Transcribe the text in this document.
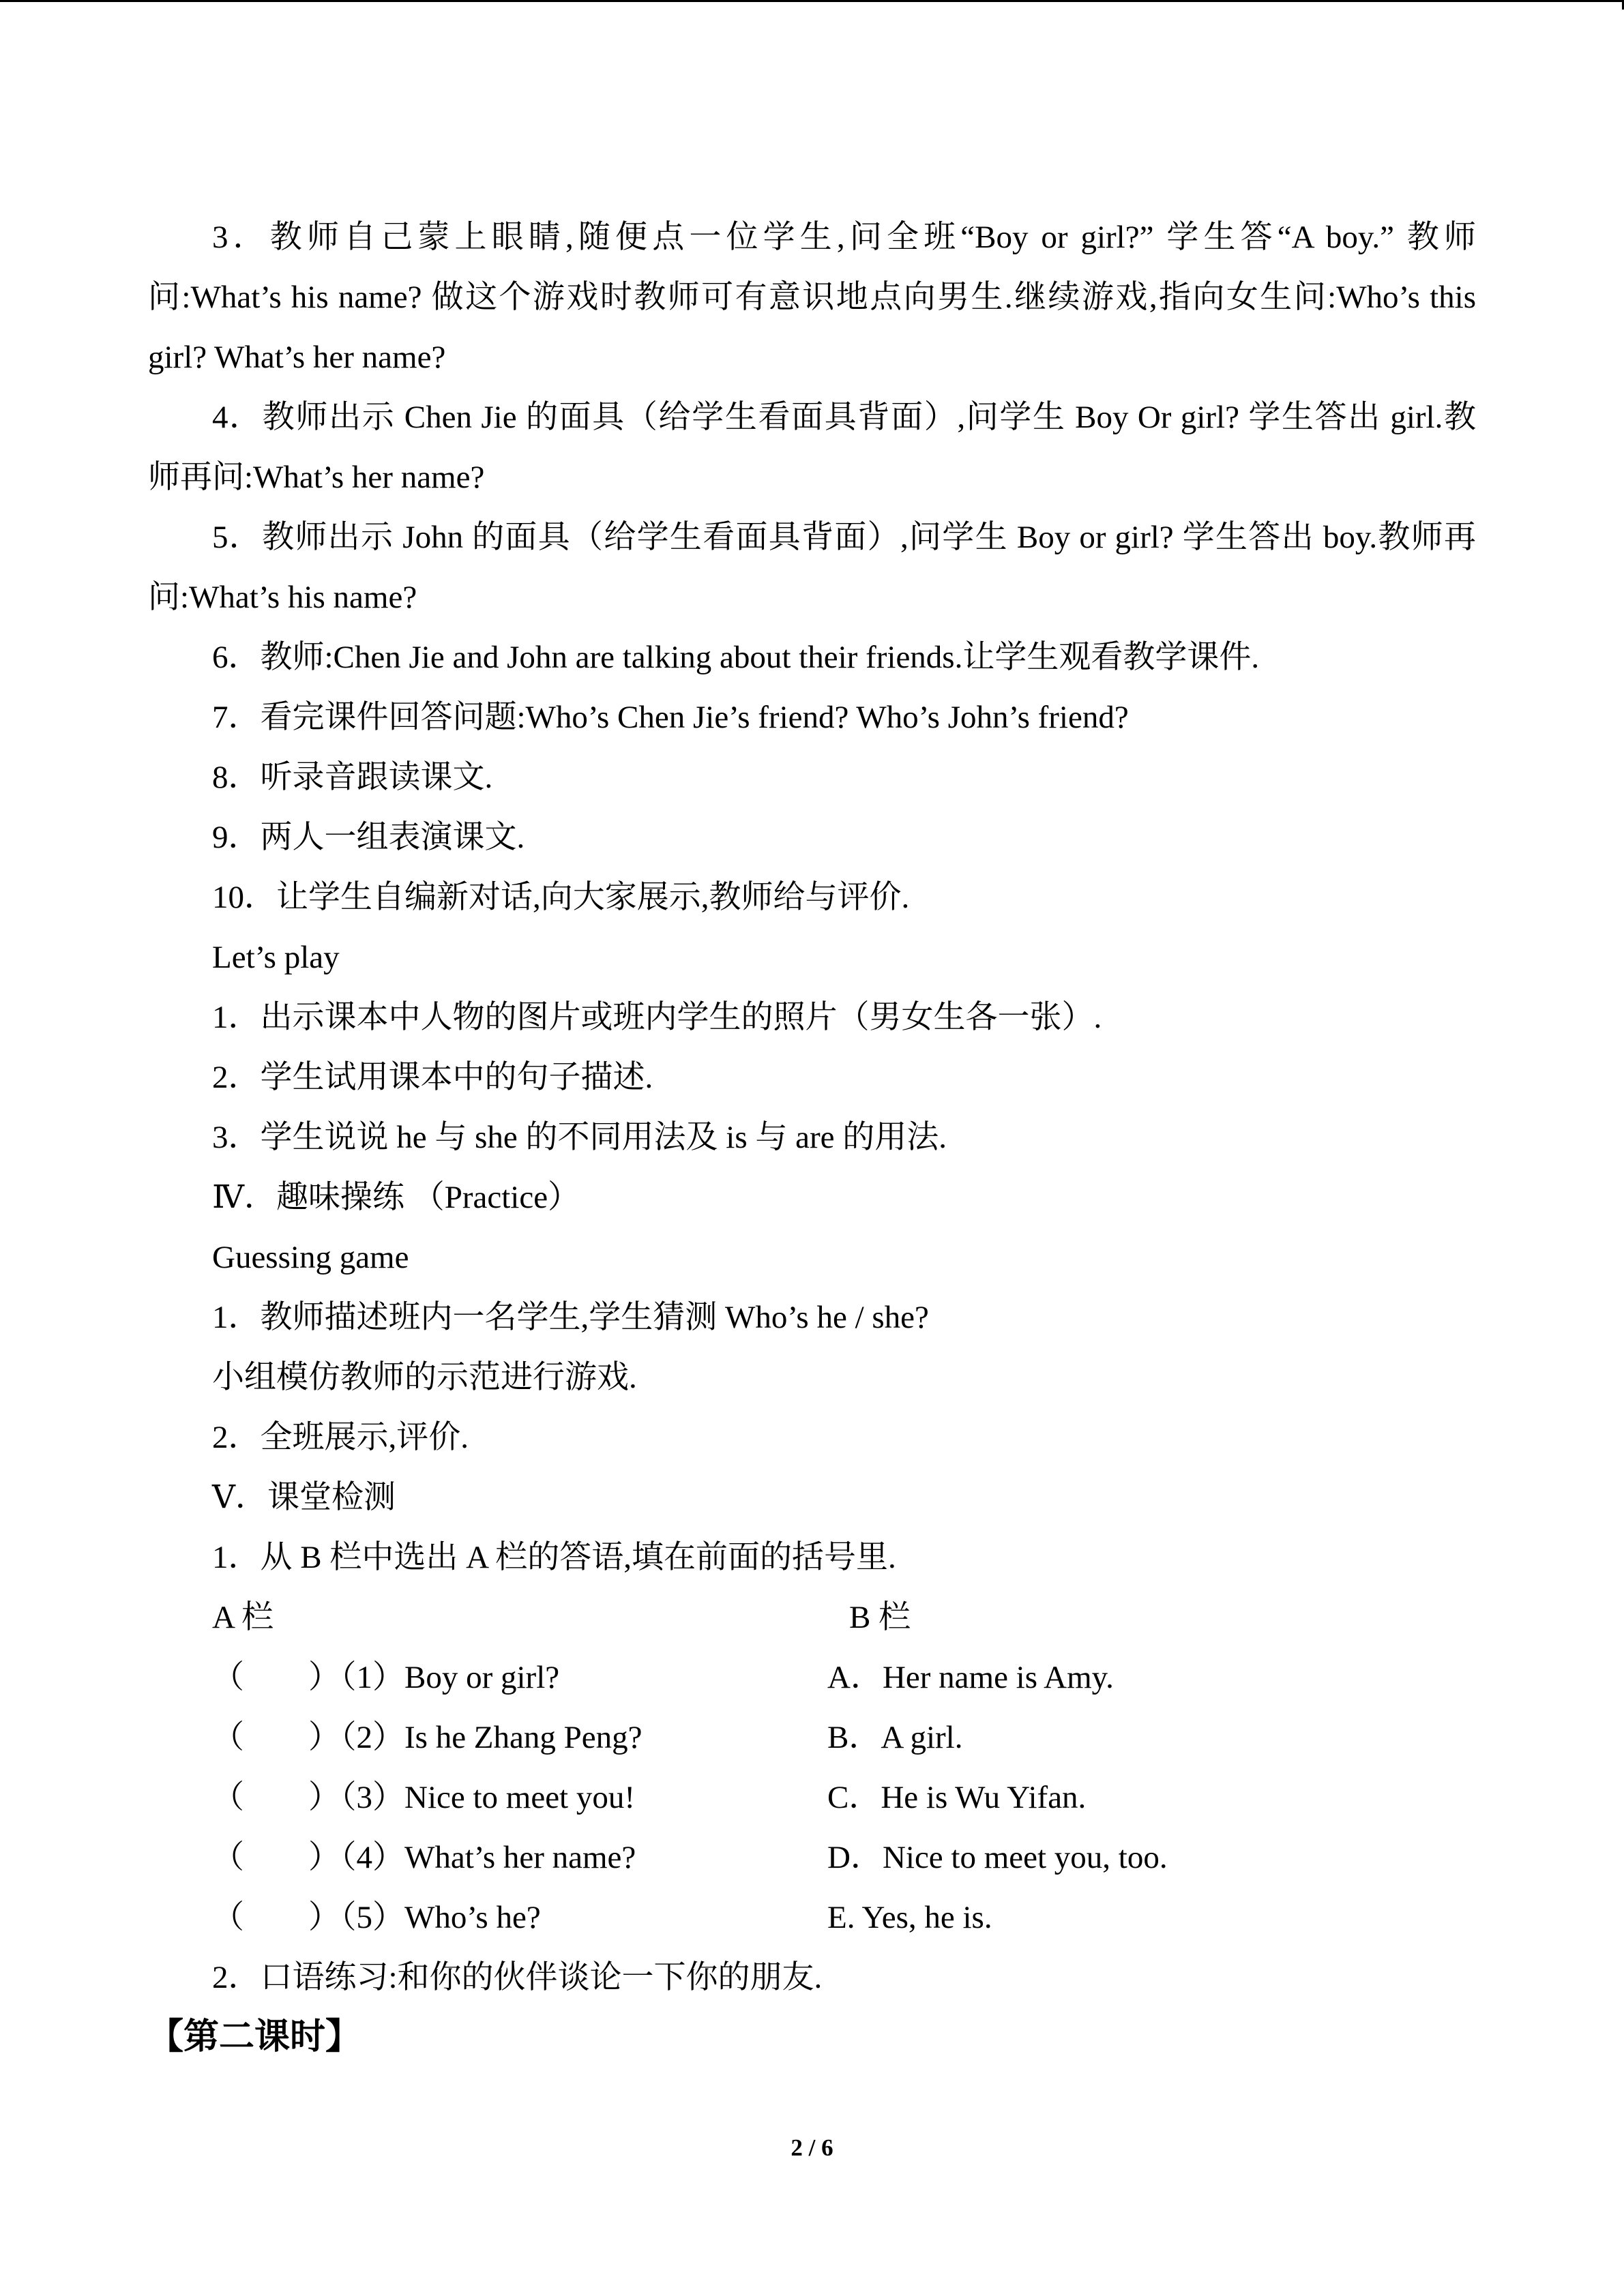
3．教师自己蒙上眼睛,随便点一位学生,问全班“Boy or girl?” 学生答“A boy.” 教师
问:What’s his name? 做这个游戏时教师可有意识地点向男生.继续游戏,指向女生问:Who’s this
girl? What’s her name?
4．教师出示 Chen Jie 的面具（给学生看面具背面）,问学生 Boy Or girl? 学生答出 girl.教
师再问:What’s her name?
5．教师出示 John 的面具（给学生看面具背面）,问学生 Boy or girl? 学生答出 boy.教师再
问:What’s his name?
6．教师:Chen Jie and John are talking about their friends.让学生观看教学课件.
7．看完课件回答问题:Who’s Chen Jie’s friend? Who’s John’s friend?
8．听录音跟读课文.
9．两人一组表演课文.
10．让学生自编新对话,向大家展示,教师给与评价.
Let’s play
1．出示课本中人物的图片或班内学生的照片（男女生各一张）.
2．学生试用课本中的句子描述.
3．学生说说 he 与 she 的不同用法及 is 与 are 的用法.
Ⅳ．趣味操练 （Practice）
Guessing game
1．教师描述班内一名学生,学生猜测 Who’s he / she?
小组模仿教师的示范进行游戏.
2．全班展示,评价.
Ⅴ．课堂检测
1．从 B 栏中选出 A 栏的答语,填在前面的括号里.
A 栏	B 栏
（　　）（1）Boy or girl?	A．Her name is Amy.
（　　）（2）Is he Zhang Peng?	B．A girl.
（　　）（3）Nice to meet you!	C．He is Wu Yifan.
（　　）（4）What’s her name?	D．Nice to meet you, too.
（　　）（5）Who’s he?	E. Yes, he is.
2．口语练习:和你的伙伴谈论一下你的朋友.
【第二课时】
2 / 6
